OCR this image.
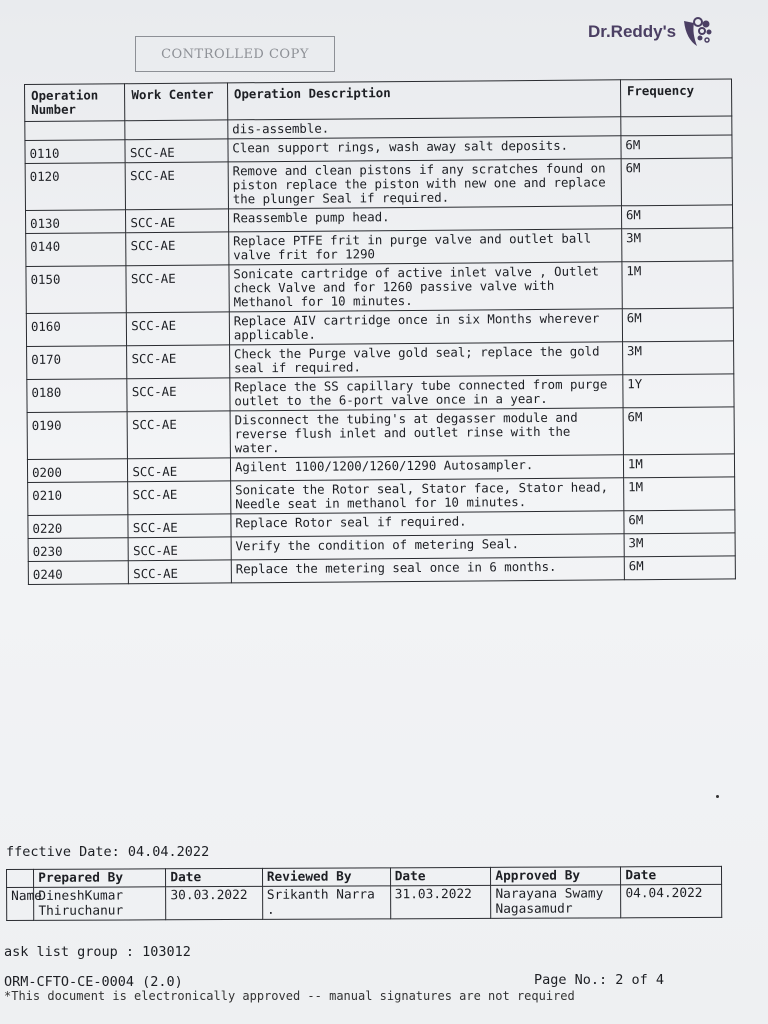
CONTROLLED COPY
Dr.Reddy's
Operation Number	Work Center	Operation Description	Frequency
		dis-assemble.	
0110	SCC-AE	Clean support rings, wash away salt deposits.	6M
0120	SCC-AE	Remove and clean pistons if any scratches found on piston replace the piston with new one and replace the plunger Seal if required.	6M
0130	SCC-AE	Reassemble pump head.	6M
0140	SCC-AE	Replace PTFE frit in purge valve and outlet ball valve frit for 1290	3M
0150	SCC-AE	Sonicate cartridge of active inlet valve , Outlet check Valve and for 1260 passive valve with Methanol for 10 minutes.	1M
0160	SCC-AE	Replace AIV cartridge once in six Months wherever applicable.	6M
0170	SCC-AE	Check the Purge valve gold seal; replace the gold seal if required.	3M
0180	SCC-AE	Replace the SS capillary tube connected from purge outlet to the 6-port valve once in a year.	1Y
0190	SCC-AE	Disconnect the tubing's at degasser module and reverse flush inlet and outlet rinse with the water.	6M
0200	SCC-AE	Agilent 1100/1200/1260/1290 Autosampler.	1M
0210	SCC-AE	Sonicate the Rotor seal, Stator face, Stator head, Needle seat in methanol for 10 minutes.	1M
0220	SCC-AE	Replace Rotor seal if required.	6M
0230	SCC-AE	Verify the condition of metering Seal.	3M
0240	SCC-AE	Replace the metering seal once in 6 months.	6M
ffective Date: 04.04.2022
	Prepared By	Date	Reviewed By	Date	Approved By	Date
Name	DineshKumar Thiruchanur	30.03.2022	Srikanth Narra .	31.03.2022	Narayana Swamy Nagasamudr	04.04.2022
ask list group : 103012
ORM-CFTO-CE-0004 (2.0)	Page No.: 2 of 4
*This document is electronically approved -- manual signatures are not required
